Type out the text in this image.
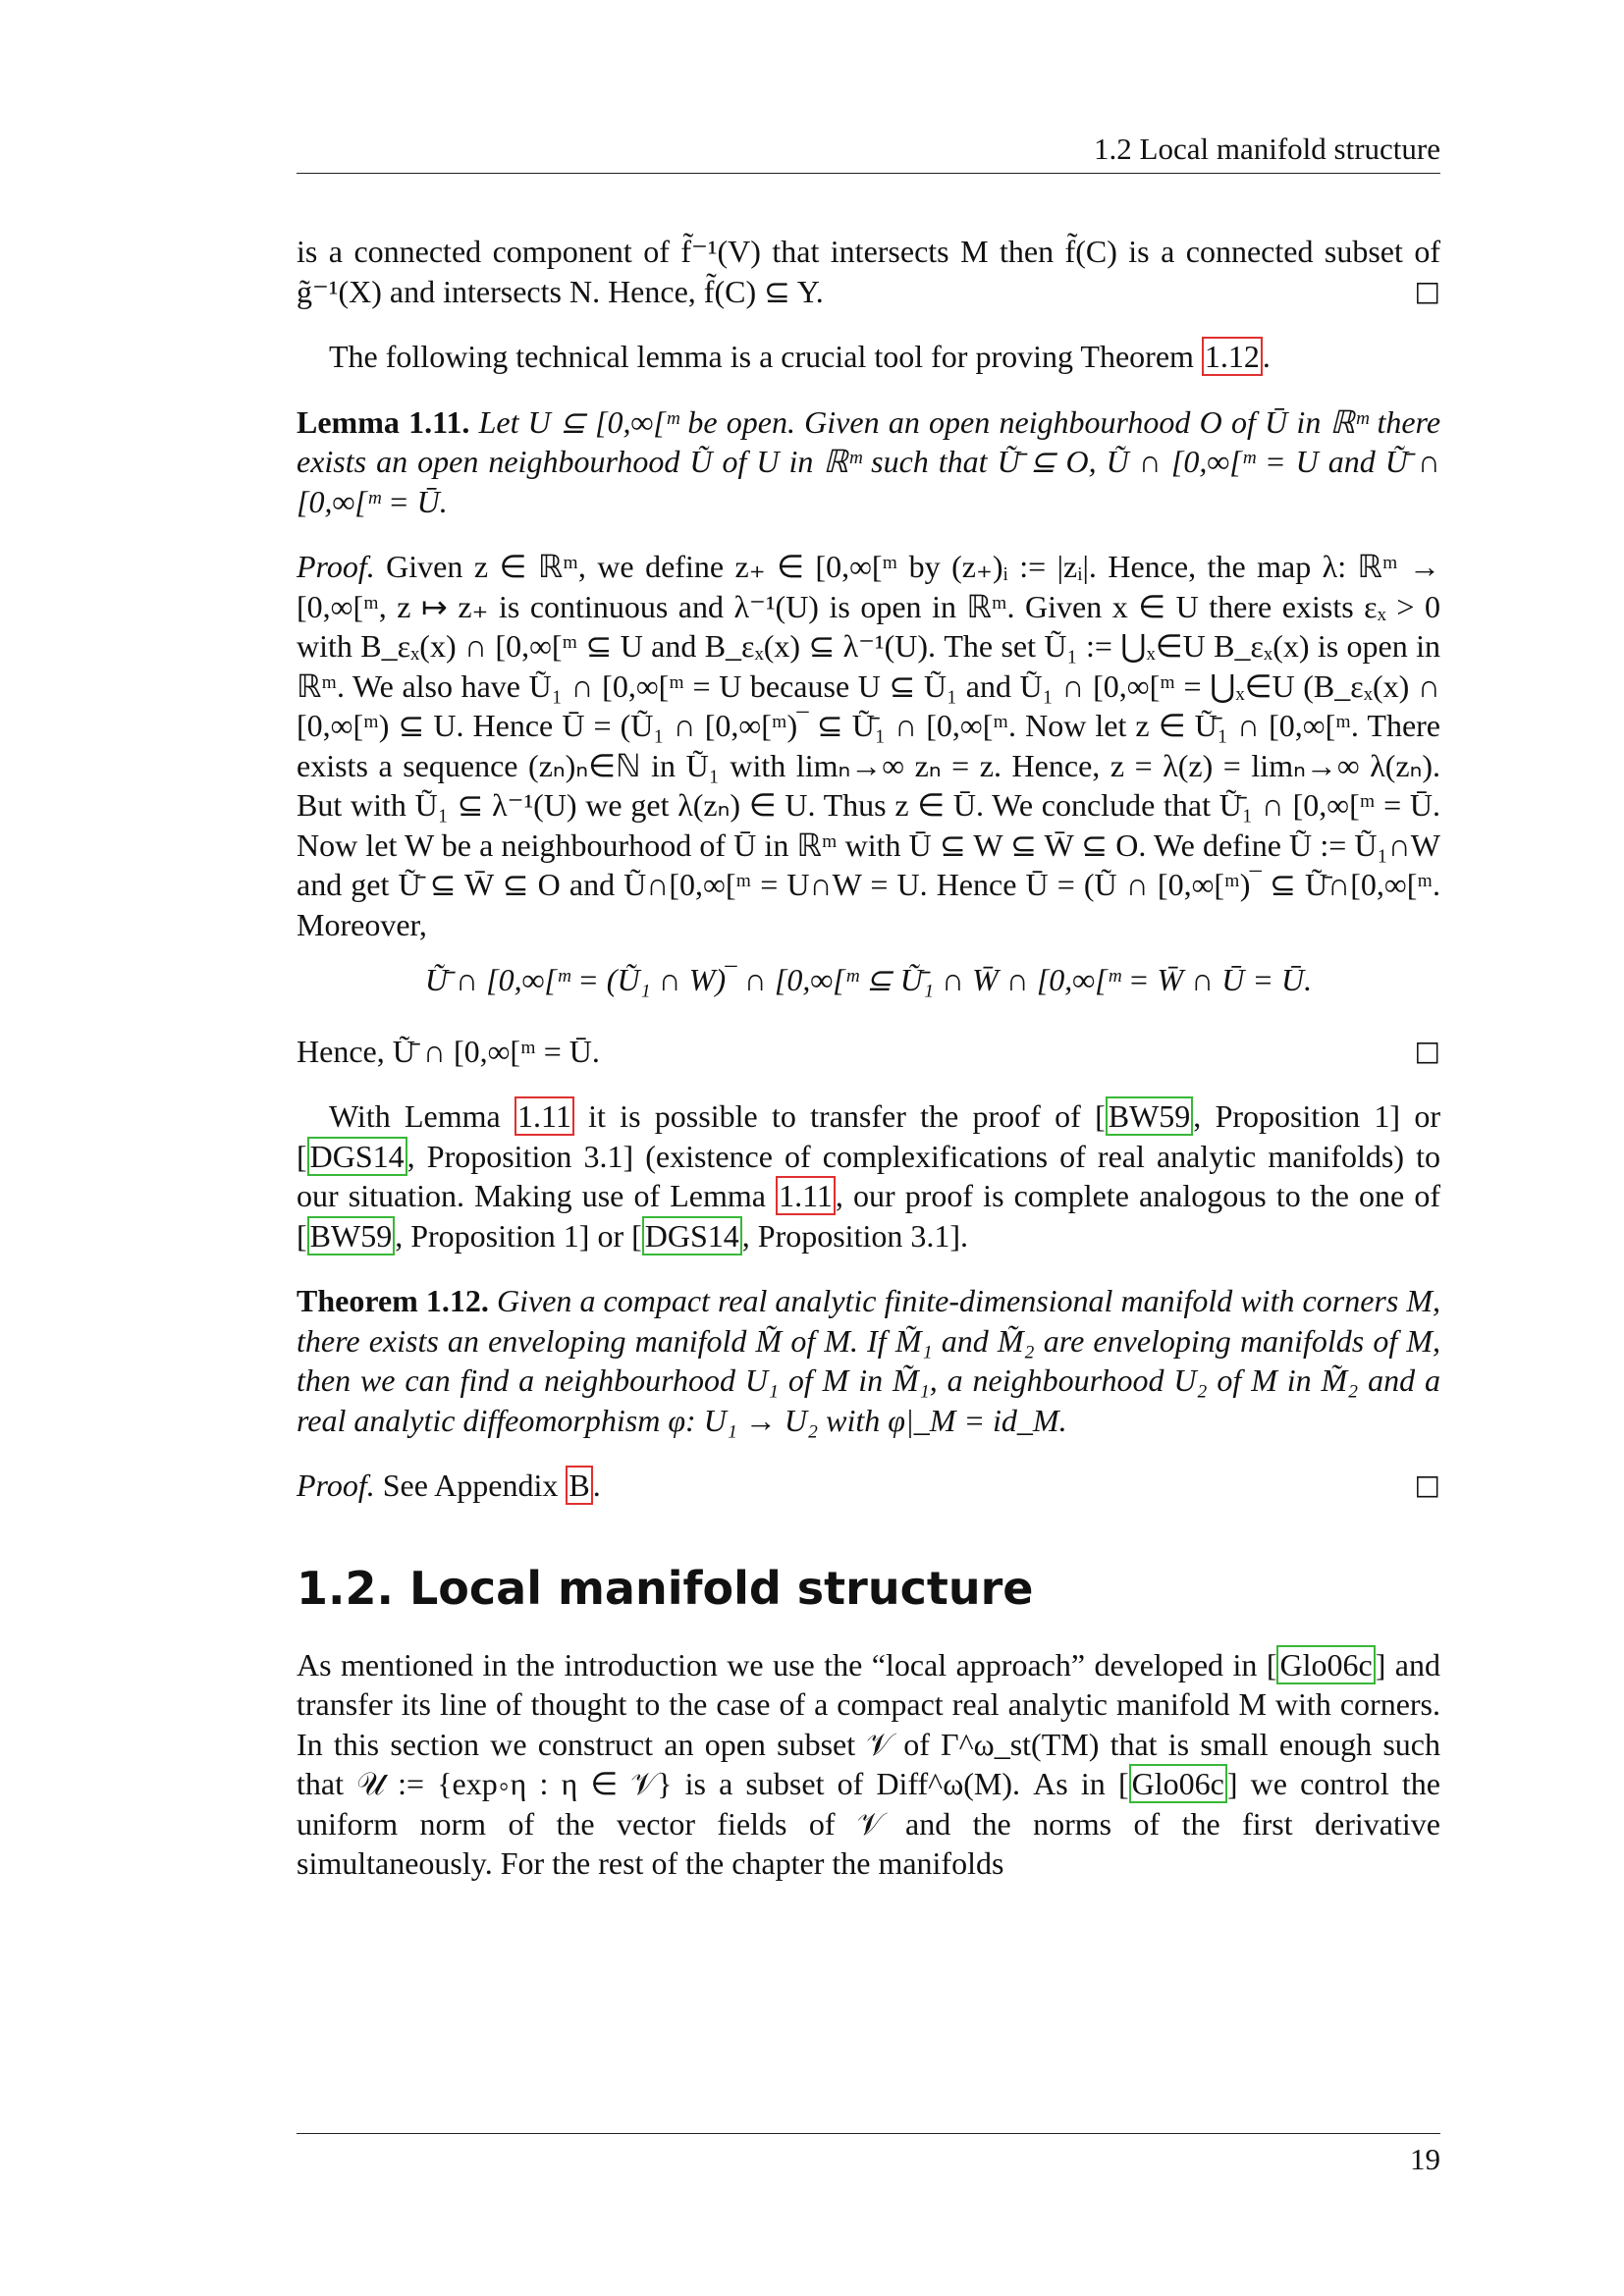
1.2 Local manifold structure

is a connected component of f̃⁻¹(V) that intersects M then f̃(C) is a connected subset of g̃⁻¹(X) and intersects N. Hence, f̃(C) ⊆ Y.	□

The following technical lemma is a crucial tool for proving Theorem 1.12.

Lemma 1.11. Let U ⊆ [0,∞[ᵐ be open. Given an open neighbourhood O of Ū in ℝᵐ there exists an open neighbourhood Ũ of U in ℝᵐ such that Ũ̄ ⊆ O, Ũ ∩ [0,∞[ᵐ = U and Ũ̄ ∩ [0,∞[ᵐ = Ū.

Proof. Given z ∈ ℝᵐ, we define z₊ ∈ [0,∞[ᵐ by (z₊)ᵢ := |zᵢ|. Hence, the map λ: ℝᵐ → [0,∞[ᵐ, z ↦ z₊ is continuous and λ⁻¹(U) is open in ℝᵐ. Given x ∈ U there exists εₓ > 0 with B_εₓ(x) ∩ [0,∞[ᵐ ⊆ U and B_εₓ(x) ⊆ λ⁻¹(U). The set Ũ₁ := ⋃ₓ∈U B_εₓ(x) is open in ℝᵐ. We also have Ũ₁ ∩ [0,∞[ᵐ = U because U ⊆ Ũ₁ and Ũ₁ ∩ [0,∞[ᵐ = ⋃ₓ∈U (B_εₓ(x) ∩ [0,∞[ᵐ) ⊆ U. Hence Ū = (Ũ₁ ∩ [0,∞[ᵐ)‾ ⊆ Ũ̄₁ ∩ [0,∞[ᵐ. Now let z ∈ Ũ̄₁ ∩ [0,∞[ᵐ. There exists a sequence (zₙ)ₙ∈ℕ in Ũ₁ with limₙ→∞ zₙ = z. Hence, z = λ(z) = limₙ→∞ λ(zₙ). But with Ũ₁ ⊆ λ⁻¹(U) we get λ(zₙ) ∈ U. Thus z ∈ Ū. We conclude that Ũ̄₁ ∩ [0,∞[ᵐ = Ū. Now let W be a neighbourhood of Ū in ℝᵐ with Ū ⊆ W ⊆ W̄ ⊆ O. We define Ũ := Ũ₁∩W and get Ũ̄ ⊆ W̄ ⊆ O and Ũ∩[0,∞[ᵐ = U∩W = U. Hence Ū = (Ũ ∩ [0,∞[ᵐ)‾ ⊆ Ũ̄∩[0,∞[ᵐ. Moreover,
Ũ̄ ∩ [0,∞[ᵐ = (Ũ₁ ∩ W)‾ ∩ [0,∞[ᵐ ⊆ Ũ̄₁ ∩ W̄ ∩ [0,∞[ᵐ = W̄ ∩ Ū = Ū.
Hence, Ũ̄ ∩ [0,∞[ᵐ = Ū.	□

With Lemma 1.11 it is possible to transfer the proof of [BW59, Proposition 1] or [DGS14, Proposition 3.1] (existence of complexifications of real analytic manifolds) to our situation. Making use of Lemma 1.11, our proof is complete analogous to the one of [BW59, Proposition 1] or [DGS14, Proposition 3.1].

Theorem 1.12. Given a compact real analytic finite-dimensional manifold with corners M, there exists an enveloping manifold M̃ of M. If M̃₁ and M̃₂ are enveloping manifolds of M, then we can find a neighbourhood U₁ of M in M̃₁, a neighbourhood U₂ of M in M̃₂ and a real analytic diffeomorphism φ: U₁ → U₂ with φ|_M = id_M.

Proof. See Appendix B.	□

1.2. Local manifold structure

As mentioned in the introduction we use the “local approach” developed in [Glo06c] and transfer its line of thought to the case of a compact real analytic manifold M with corners. In this section we construct an open subset 𝒱 of Γ^ω_st(TM) that is small enough such that 𝒰 := {exp∘η : η ∈ 𝒱} is a subset of Diff^ω(M). As in [Glo06c] we control the uniform norm of the vector fields of 𝒱 and the norms of the first derivative simultaneously. For the rest of the chapter the manifolds

19
